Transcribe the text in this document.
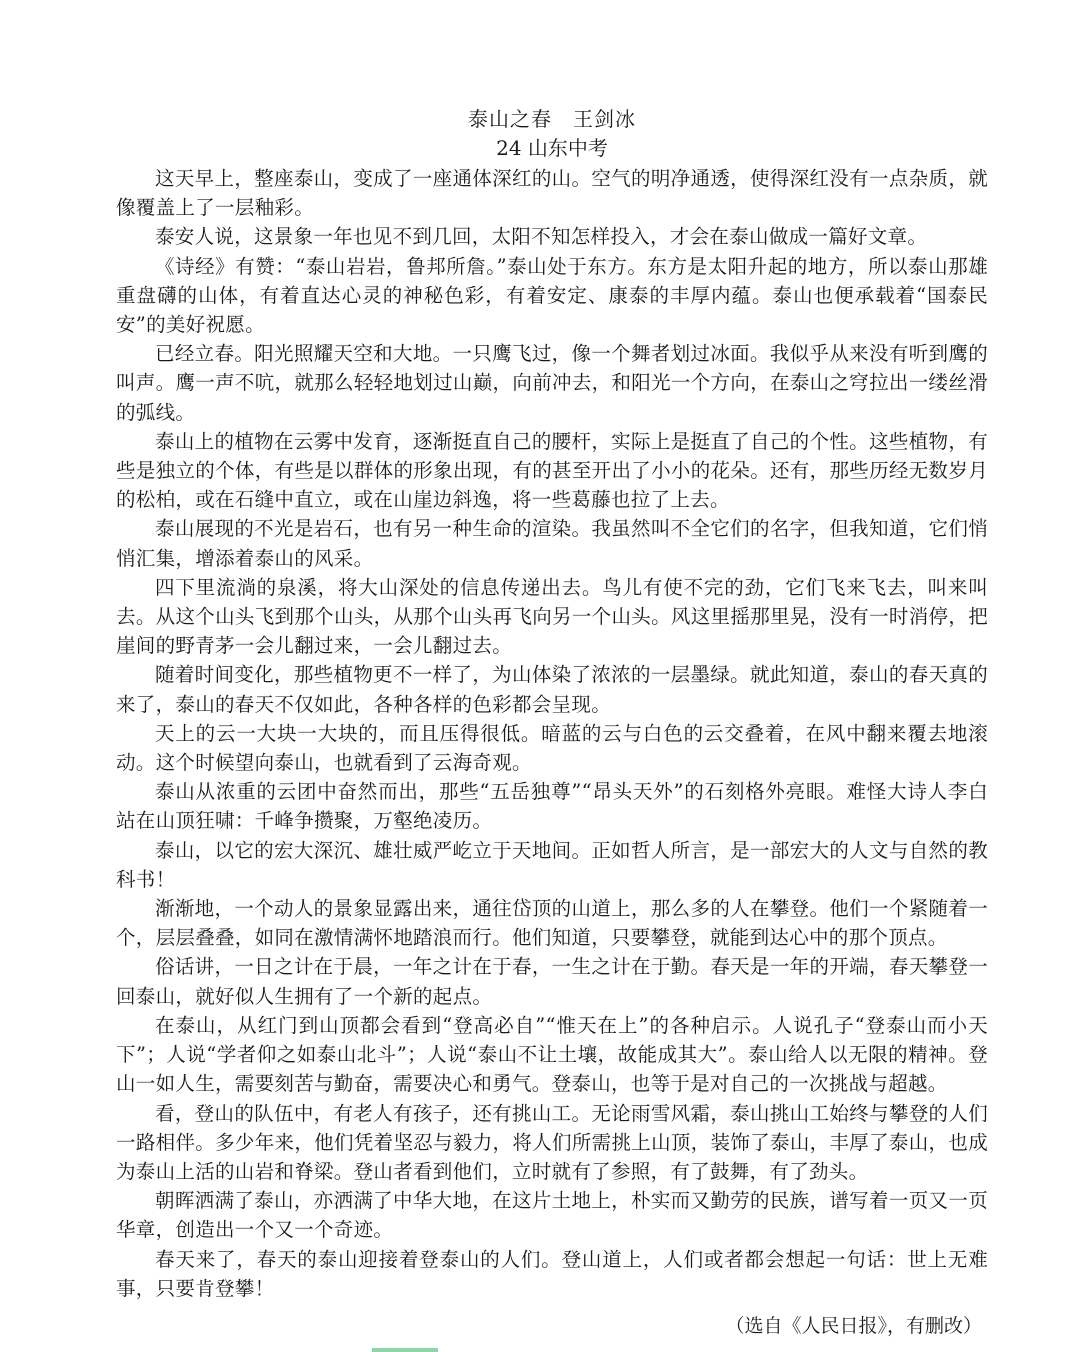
泰山之春　王剑冰
24 山东中考

这天早上，整座泰山，变成了一座通体深红的山。空气的明净通透，使得深红没有一点杂质，就像覆盖上了一层釉彩。

泰安人说，这景象一年也见不到几回，太阳不知怎样投入，才会在泰山做成一篇好文章。

《诗经》有赞：“泰山岩岩，鲁邦所詹。”泰山处于东方。东方是太阳升起的地方，所以泰山那雄重盘礴的山体，有着直达心灵的神秘色彩，有着安定、康泰的丰厚内蕴。泰山也便承载着“国泰民安”的美好祝愿。

已经立春。阳光照耀天空和大地。一只鹰飞过，像一个舞者划过冰面。我似乎从来没有听到鹰的叫声。鹰一声不吭，就那么轻轻地划过山巅，向前冲去，和阳光一个方向，在泰山之穹拉出一缕丝滑的弧线。

泰山上的植物在云雾中发育，逐渐挺直自己的腰杆，实际上是挺直了自己的个性。这些植物，有些是独立的个体，有些是以群体的形象出现，有的甚至开出了小小的花朵。还有，那些历经无数岁月的松柏，或在石缝中直立，或在山崖边斜逸，将一些葛藤也拉了上去。

泰山展现的不光是岩石，也有另一种生命的渲染。我虽然叫不全它们的名字，但我知道，它们悄悄汇集，增添着泰山的风采。

四下里流淌的泉溪，将大山深处的信息传递出去。鸟儿有使不完的劲，它们飞来飞去，叫来叫去。从这个山头飞到那个山头，从那个山头再飞向另一个山头。风这里摇那里晃，没有一时消停，把崖间的野青茅一会儿翻过来，一会儿翻过去。

随着时间变化，那些植物更不一样了，为山体染了浓浓的一层墨绿。就此知道，泰山的春天真的来了，泰山的春天不仅如此，各种各样的色彩都会呈现。

天上的云一大块一大块的，而且压得很低。暗蓝的云与白色的云交叠着，在风中翻来覆去地滚动。这个时候望向泰山，也就看到了云海奇观。

泰山从浓重的云团中奋然而出，那些“五岳独尊”“昂头天外”的石刻格外亮眼。难怪大诗人李白站在山顶狂啸：千峰争攒聚，万壑绝凌历。

泰山，以它的宏大深沉、雄壮威严屹立于天地间。正如哲人所言，是一部宏大的人文与自然的教科书！

渐渐地，一个动人的景象显露出来，通往岱顶的山道上，那么多的人在攀登。他们一个紧随着一个，层层叠叠，如同在激情满怀地踏浪而行。他们知道，只要攀登，就能到达心中的那个顶点。

俗话讲，一日之计在于晨，一年之计在于春，一生之计在于勤。春天是一年的开端，春天攀登一回泰山，就好似人生拥有了一个新的起点。

在泰山，从红门到山顶都会看到“登高必自”“惟天在上”的各种启示。人说孔子“登泰山而小天下”；人说“学者仰之如泰山北斗”；人说“泰山不让土壤，故能成其大”。泰山给人以无限的精神。登山一如人生，需要刻苦与勤奋，需要决心和勇气。登泰山，也等于是对自己的一次挑战与超越。

看，登山的队伍中，有老人有孩子，还有挑山工。无论雨雪风霜，泰山挑山工始终与攀登的人们一路相伴。多少年来，他们凭着坚忍与毅力，将人们所需挑上山顶，装饰了泰山，丰厚了泰山，也成为泰山上活的山岩和脊梁。登山者看到他们，立时就有了参照，有了鼓舞，有了劲头。

朝晖洒满了泰山，亦洒满了中华大地，在这片土地上，朴实而又勤劳的民族，谱写着一页又一页华章，创造出一个又一个奇迹。

春天来了，春天的泰山迎接着登泰山的人们。登山道上，人们或者都会想起一句话：世上无难事，只要肯登攀！

（选自《人民日报》，有删改）
